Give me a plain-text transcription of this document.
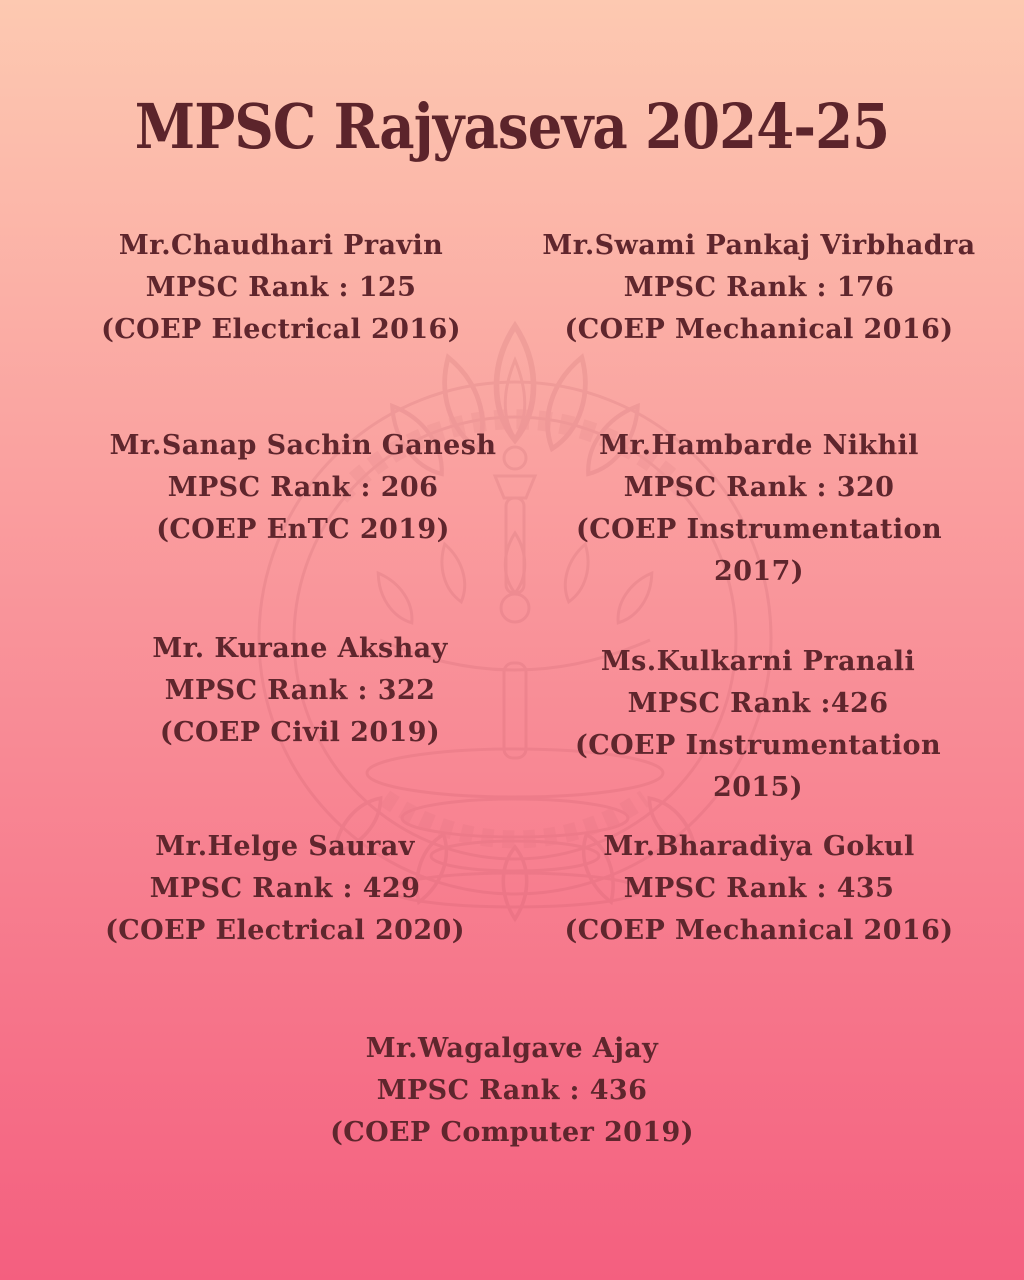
MPSC Rajyaseva 2024-25

Mr.Chaudhari Pravin

MPSC Rank : 125

(COEP Electrical 2016)

Mr.Swami Pankaj Virbhadra

MPSC Rank : 176

(COEP Mechanical 2016)

Mr.Sanap Sachin Ganesh

MPSC Rank : 206

(COEP EnTC 2019)

Mr.Hambarde Nikhil

MPSC Rank : 320

(COEP Instrumentation 2017)

Mr. Kurane Akshay

MPSC Rank : 322

(COEP Civil 2019)

Ms.Kulkarni Pranali

MPSC Rank :426

(COEP Instrumentation 2015)

Mr.Helge Saurav

MPSC Rank : 429

(COEP Electrical 2020)

Mr.Bharadiya Gokul

MPSC Rank : 435

(COEP Mechanical 2016)

Mr.Wagalgave Ajay

MPSC Rank : 436

(COEP Computer 2019)
